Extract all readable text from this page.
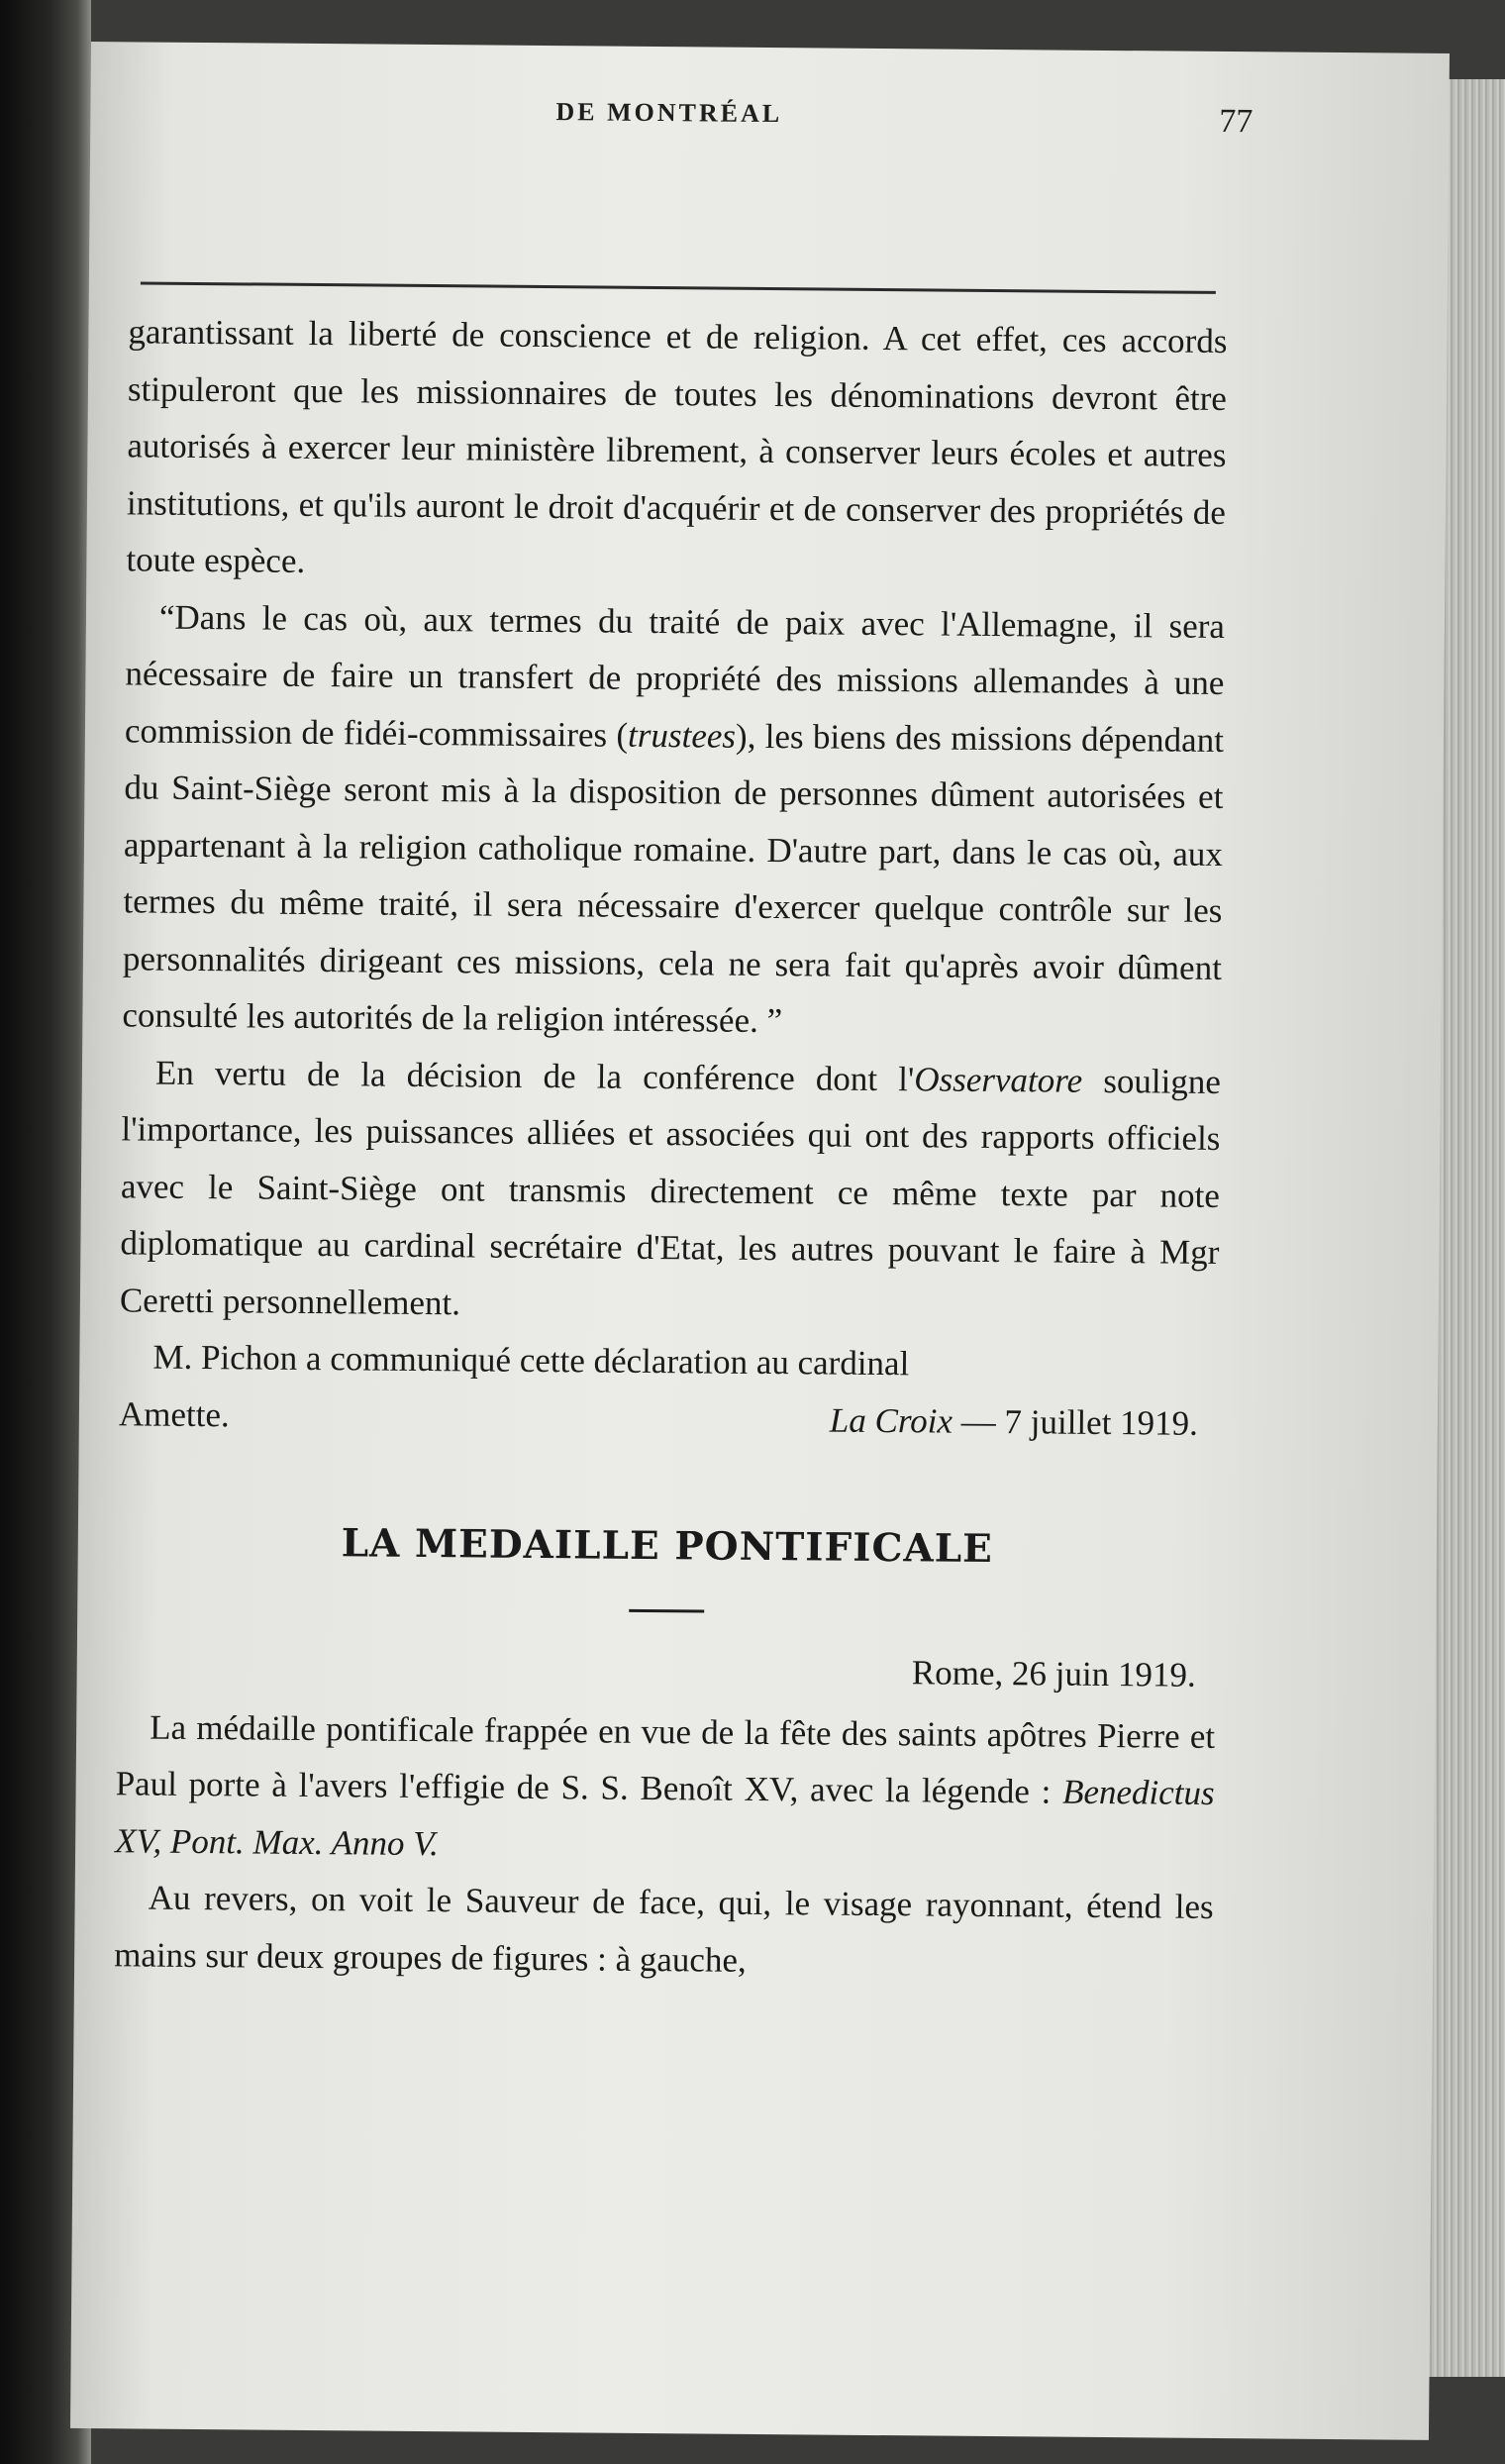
DE MONTRÉAL	77

garantissant la liberté de conscience et de religion. A cet effet, ces accords stipuleront que les missionnaires de toutes les dénominations devront être autorisés à exercer leur ministère librement, à conserver leurs écoles et autres institutions, et qu'ils auront le droit d'acquérir et de conserver des propriétés de toute espèce.

“Dans le cas où, aux termes du traité de paix avec l'Allemagne, il sera nécessaire de faire un transfert de propriété des missions allemandes à une commission de fidéi-commissaires (trustees), les biens des missions dépendant du Saint-Siège seront mis à la disposition de personnes dûment autorisées et appartenant à la religion catholique romaine. D'autre part, dans le cas où, aux termes du même traité, il sera nécessaire d'exercer quelque contrôle sur les personnalités dirigeant ces missions, cela ne sera fait qu'après avoir dûment consulté les autorités de la religion intéressée. ”

En vertu de la décision de la conférence dont l'Osservatore souligne l'importance, les puissances alliées et associées qui ont des rapports officiels avec le Saint-Siège ont transmis directement ce même texte par note diplomatique au cardinal secrétaire d'Etat, les autres pouvant le faire à Mgr Ceretti personnellement.

M. Pichon a communiqué cette déclaration au cardinal

Amette.	La Croix — 7 juillet 1919.
LA MEDAILLE PONTIFICALE
Rome, 26 juin 1919.

La médaille pontificale frappée en vue de la fête des saints apôtres Pierre et Paul porte à l'avers l'effigie de S. S. Benoît XV, avec la légende : Benedictus XV, Pont. Max. Anno V.

Au revers, on voit le Sauveur de face, qui, le visage rayonnant, étend les mains sur deux groupes de figures : à gauche,
